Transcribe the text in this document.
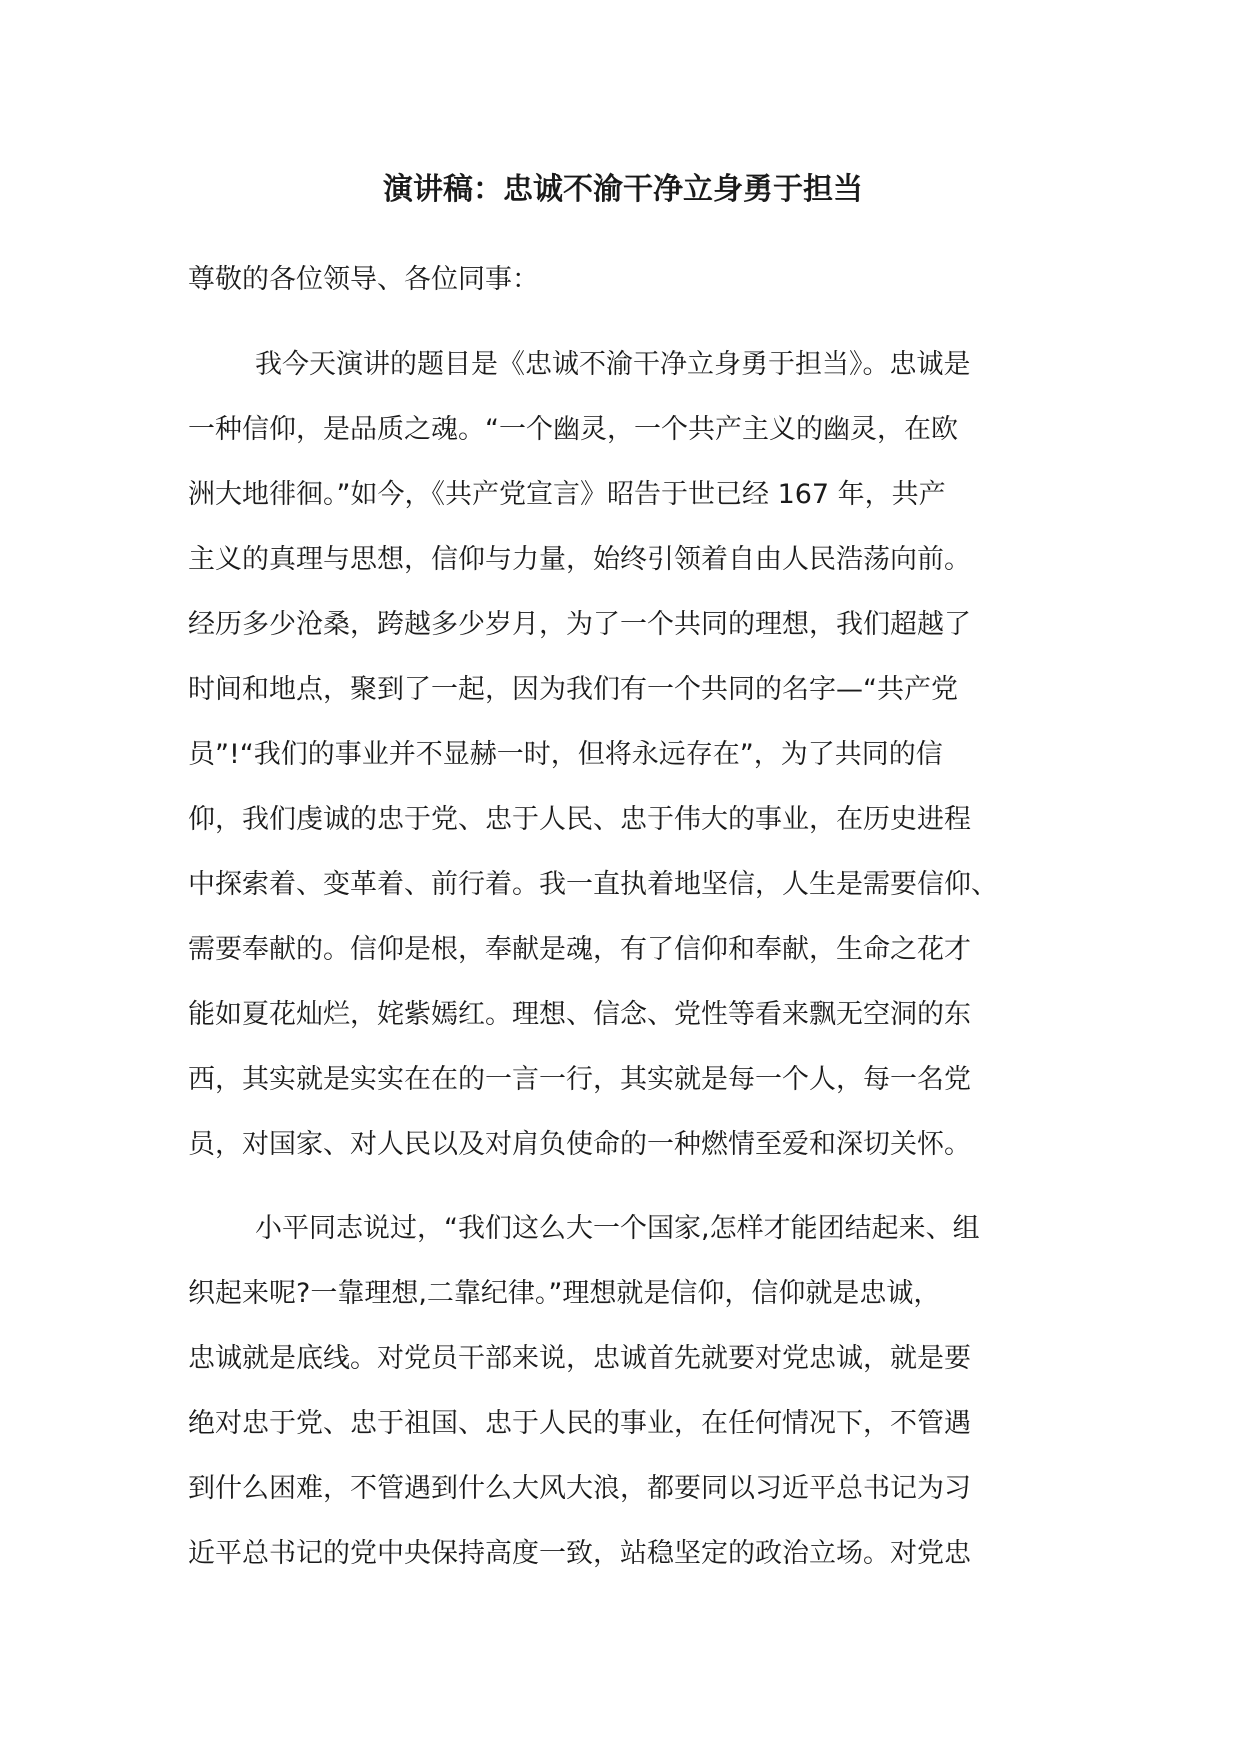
演讲稿：忠诚不渝干净立身勇于担当

尊敬的各位领导、各位同事：

我今天演讲的题目是《忠诚不渝干净立身勇于担当》。忠诚是
一种信仰，是品质之魂。“一个幽灵，一个共产主义的幽灵，在欧
洲大地徘徊。”如今，《共产党宣言》昭告于世已经 167 年，共产
主义的真理与思想，信仰与力量，始终引领着自由人民浩荡向前。
经历多少沧桑，跨越多少岁月，为了一个共同的理想，我们超越了
时间和地点，聚到了一起，因为我们有一个共同的名字—“共产党
员”!“我们的事业并不显赫一时，但将永远存在”，为了共同的信
仰，我们虔诚的忠于党、忠于人民、忠于伟大的事业，在历史进程
中探索着、变革着、前行着。我一直执着地坚信，人生是需要信仰、
需要奉献的。信仰是根，奉献是魂，有了信仰和奉献，生命之花才
能如夏花灿烂，姹紫嫣红。理想、信念、党性等看来飘无空洞的东
西，其实就是实实在在的一言一行，其实就是每一个人，每一名党
员，对国家、对人民以及对肩负使命的一种燃情至爱和深切关怀。
小平同志说过，“我们这么大一个国家,怎样才能团结起来、组
织起来呢?一靠理想,二靠纪律。”理想就是信仰，信仰就是忠诚，
忠诚就是底线。对党员干部来说，忠诚首先就要对党忠诚，就是要
绝对忠于党、忠于祖国、忠于人民的事业，在任何情况下，不管遇
到什么困难，不管遇到什么大风大浪，都要同以习近平总书记为习
近平总书记的党中央保持高度一致，站稳坚定的政治立场。对党忠
